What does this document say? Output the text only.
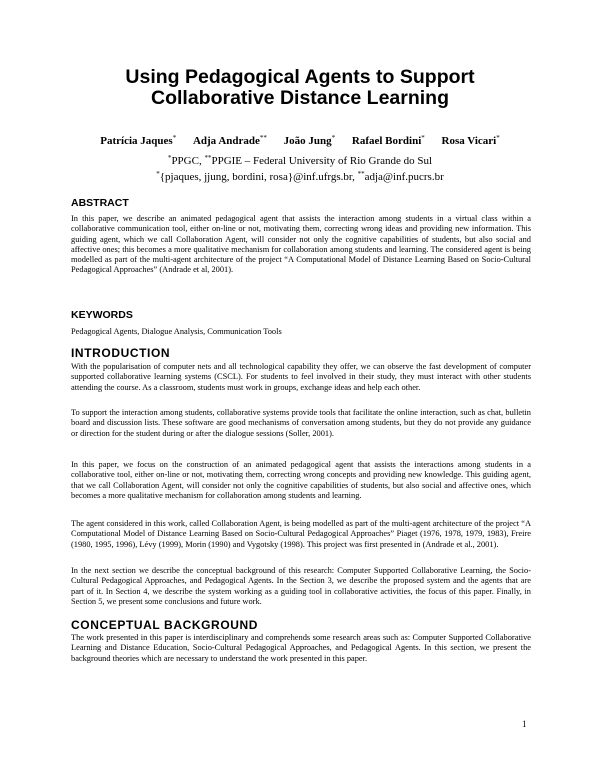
Using Pedagogical Agents to Support
Collaborative Distance Learning
Patrícia Jaques* Adja Andrade** João Jung* Rafael Bordini* Rosa Vicari*
*PPGC, **PPGIE – Federal University of Rio Grande do Sul
*{pjaques, jjung, bordini, rosa}@inf.ufrgs.br, **adja@inf.pucrs.br
ABSTRACT

In this paper, we describe an animated pedagogical agent that assists the interaction among students in a virtual class within a collaborative communication tool, either on-line or not, motivating them, correcting wrong ideas and providing new information. This guiding agent, which we call Collaboration Agent, will consider not only the cognitive capabilities of students, but also social and affective ones; this becomes a more qualitative mechanism for collaboration among students and learning. The considered agent is being modelled as part of the multi-agent architecture of the project “A Computational Model of Distance Learning Based on Socio-Cultural Pedagogical Approaches” (Andrade et al, 2001).

KEYWORDS

Pedagogical Agents, Dialogue Analysis, Communication Tools

INTRODUCTION

With the popularisation of computer nets and all technological capability they offer, we can observe the fast development of computer supported collaborative learning systems (CSCL). For students to feel involved in their study, they must interact with other students attending the course. As a classroom, students must work in groups, exchange ideas and help each other.

To support the interaction among students, collaborative systems provide tools that facilitate the online interaction, such as chat, bulletin board and discussion lists. These software are good mechanisms of conversation among students, but they do not provide any guidance or direction for the student during or after the dialogue sessions (Soller, 2001).

In this paper, we focus on the construction of an animated pedagogical agent that assists the interactions among students in a collaborative tool, either on-line or not, motivating them, correcting wrong concepts and providing new knowledge. This guiding agent, that we call Collaboration Agent, will consider not only the cognitive capabilities of students, but also social and affective ones, which becomes a more qualitative mechanism for collaboration among students and learning.

The agent considered in this work, called Collaboration Agent, is being modelled as part of the multi-agent architecture of the project “A Computational Model of Distance Learning Based on Socio-Cultural Pedagogical Approaches” Piaget (1976, 1978, 1979, 1983), Freire (1980, 1995, 1996), Lévy (1999), Morin (1990) and Vygotsky (1998). This project was first presented in (Andrade et al., 2001).

In the next section we describe the conceptual background of this research: Computer Supported Collaborative Learning, the Socio-Cultural Pedagogical Approaches, and Pedagogical Agents. In the Section 3, we describe the proposed system and the agents that are part of it. In Section 4, we describe the system working as a guiding tool in collaborative activities, the focus of this paper. Finally, in Section 5, we present some conclusions and future work.

CONCEPTUAL BACKGROUND

The work presented in this paper is interdisciplinary and comprehends some research areas such as: Computer Supported Collaborative Learning and Distance Education, Socio-Cultural Pedagogical Approaches, and Pedagogical Agents. In this section, we present the background theories which are necessary to understand the work presented in this paper.

1
